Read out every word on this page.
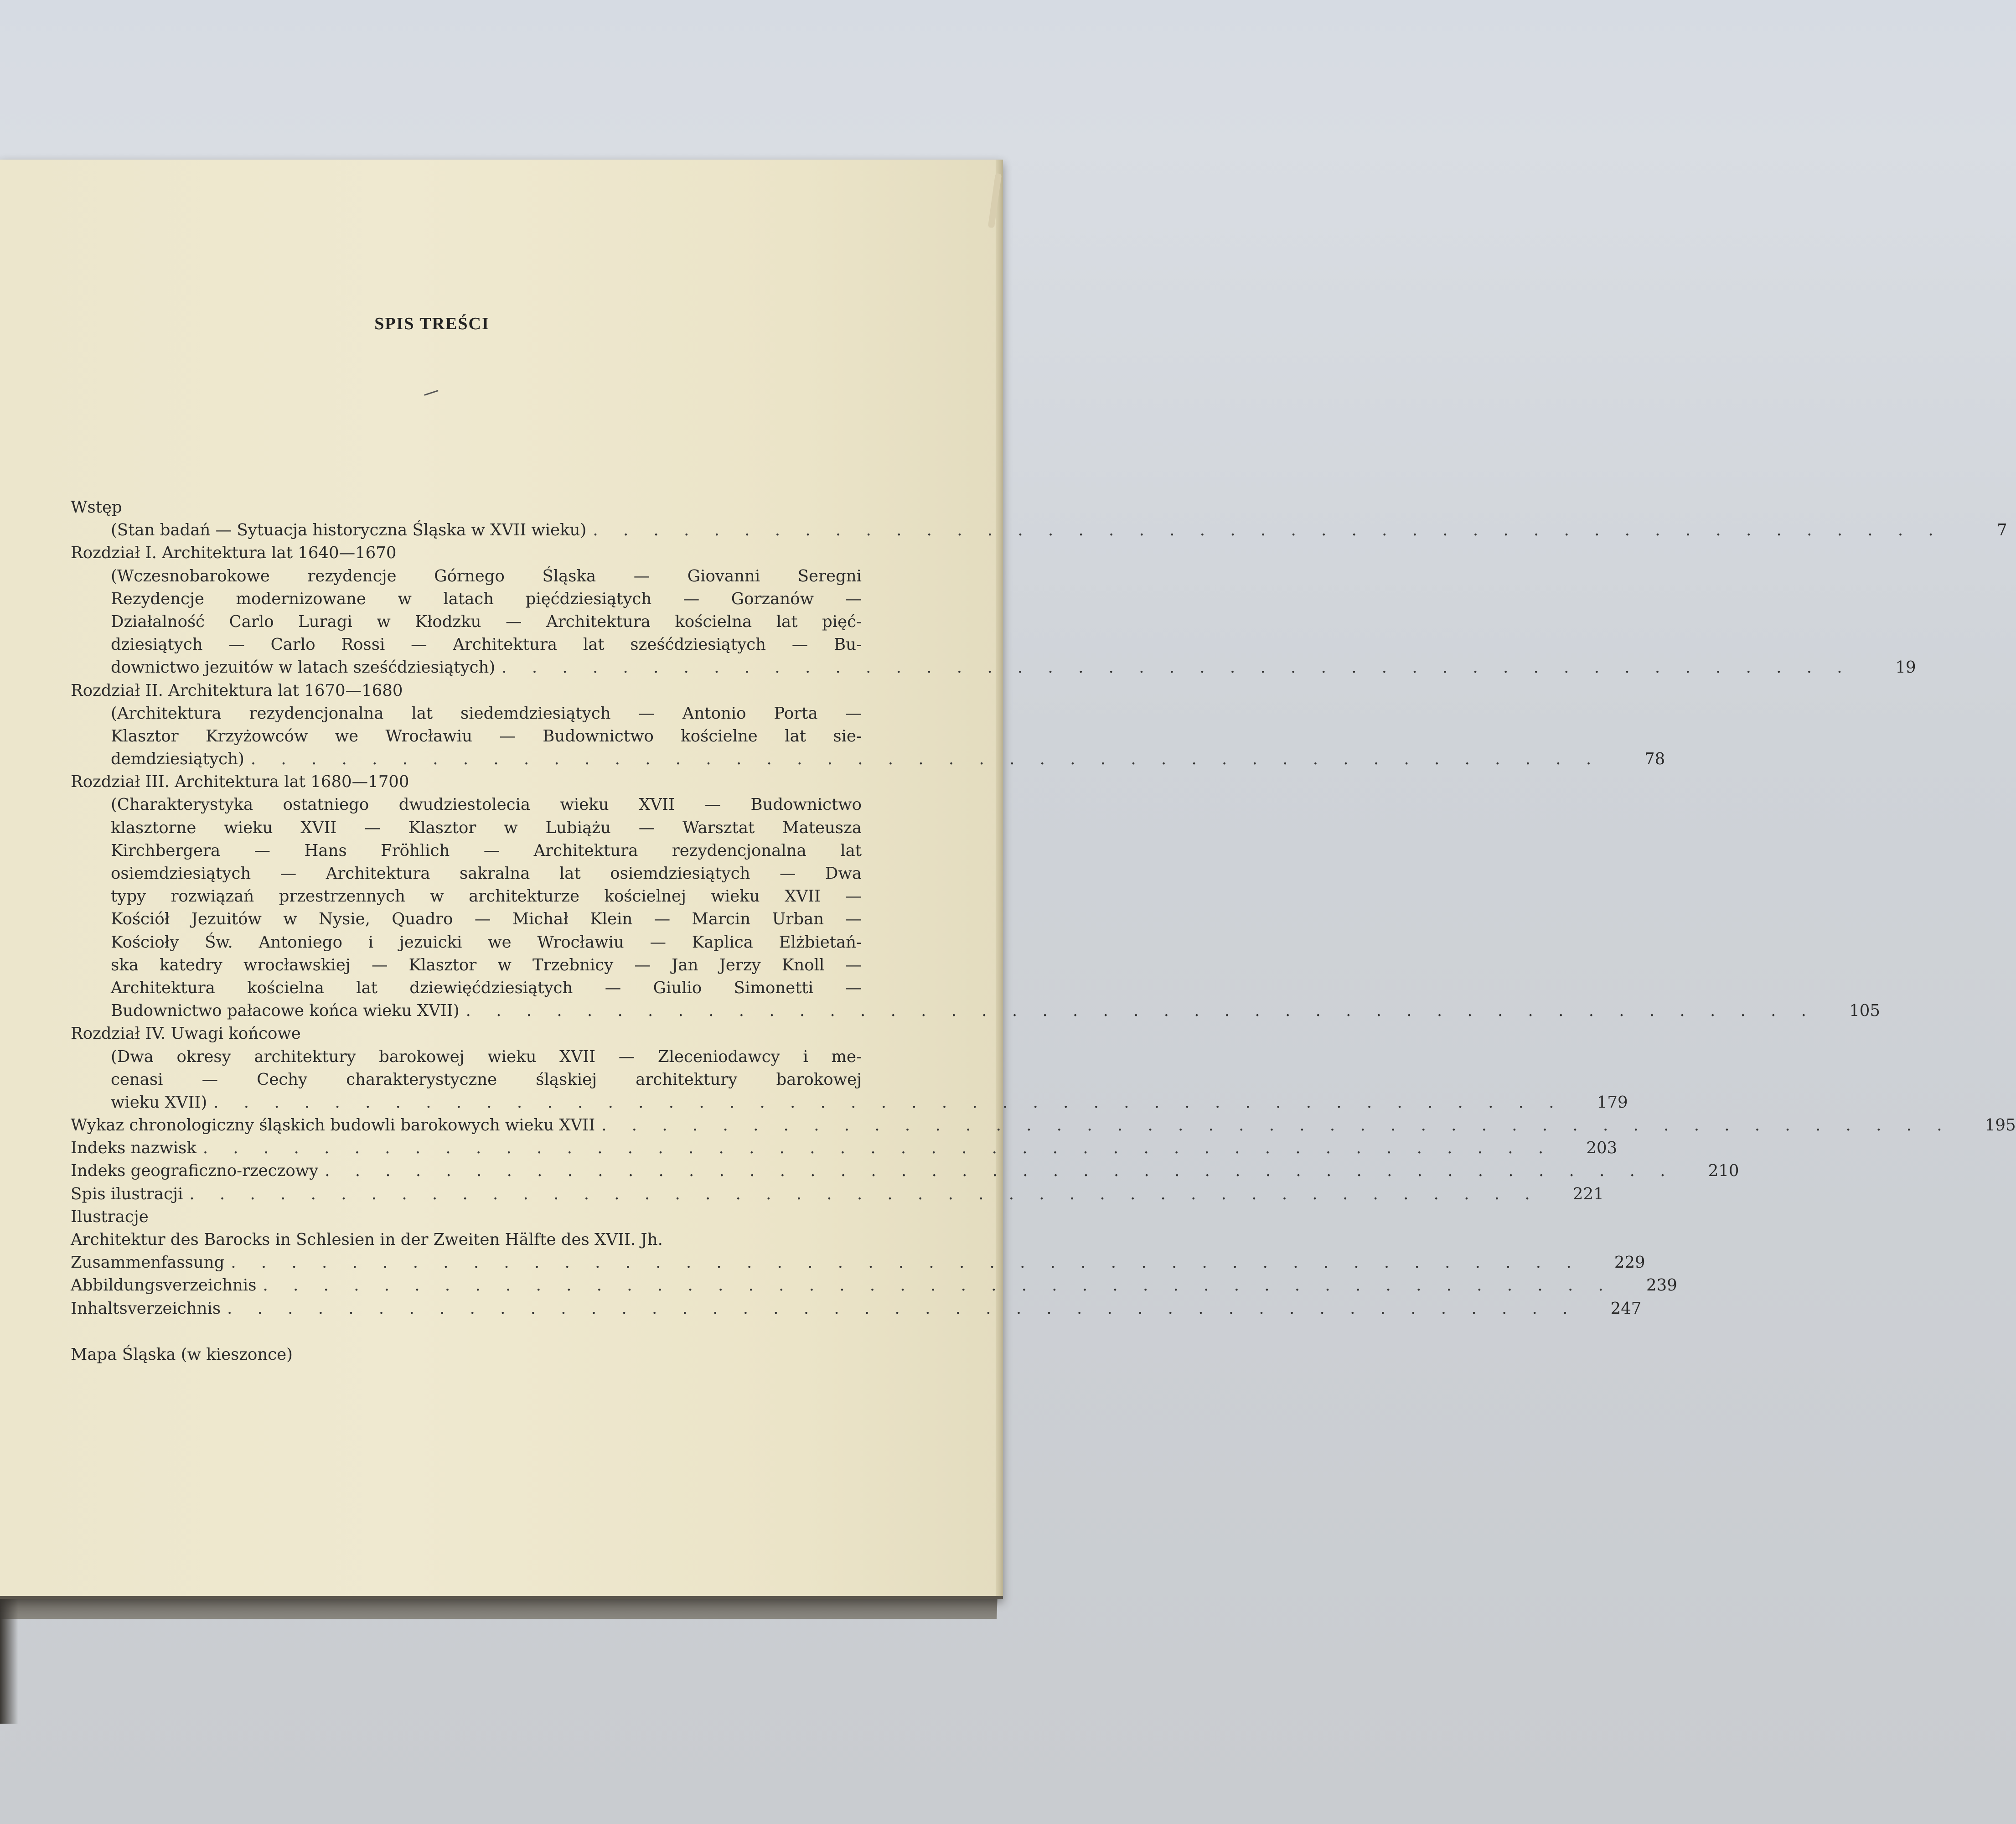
SPIS TREŚCI
Wstęp
(Stan badań — Sytuacja historyczna Śląska w XVII wieku) . . . . . . . . . . . . . . . . . . . . . . . . . . . . . . . . . . . . . . . . . . . . .	7
Rozdział I. Architektura lat 1640—1670
(Wczesnobarokowe rezydencje Górnego Śląska — Giovanni Seregni
Rezydencje modernizowane w latach pięćdziesiątych — Gorzanów —
Działalność Carlo Luragi w Kłodzku — Architektura kościelna lat pięć-
dziesiątych — Carlo Rossi — Architektura lat sześćdziesiątych — Bu-
downictwo jezuitów w latach sześćdziesiątych) . . . . . . . . . . . . . . . . . . . . . . . . . . . . . . . . . . . . . . . . . . . . .	19
Rozdział II. Architektura lat 1670—1680
(Architektura rezydencjonalna lat siedemdziesiątych — Antonio Porta —
Klasztor Krzyżowców we Wrocławiu — Budownictwo kościelne lat sie-
demdziesiątych) . . . . . . . . . . . . . . . . . . . . . . . . . . . . . . . . . . . . . . . . . . . . .	78
Rozdział III. Architektura lat 1680—1700
(Charakterystyka ostatniego dwudziestolecia wieku XVII — Budownictwo
klasztorne wieku XVII — Klasztor w Lubiążu — Warsztat Mateusza
Kirchbergera — Hans Fröhlich — Architektura rezydencjonalna lat
osiemdziesiątych — Architektura sakralna lat osiemdziesiątych — Dwa
typy rozwiązań przestrzennych w architekturze kościelnej wieku XVII —
Kościół Jezuitów w Nysie, Quadro — Michał Klein — Marcin Urban —
Kościoły Św. Antoniego i jezuicki we Wrocławiu — Kaplica Elżbietań-
ska katedry wrocławskiej — Klasztor w Trzebnicy — Jan Jerzy Knoll —
Architektura kościelna lat dziewięćdziesiątych — Giulio Simonetti —
Budownictwo pałacowe końca wieku XVII) . . . . . . . . . . . . . . . . . . . . . . . . . . . . . . . . . . . . . . . . . . . . . 105
Rozdział IV. Uwagi końcowe
(Dwa okresy architektury barokowej wieku XVII — Zleceniodawcy i me-
cenasi — Cechy charakterystyczne śląskiej architektury barokowej
wieku XVII) . . . . . . . . . . . . . . . . . . . . . . . . . . . . . . . . . . . . . . . . . . . . . 179
Wykaz chronologiczny śląskich budowli barokowych wieku XVII . . . . . . . . . . . . . . . . . . . . . . . . . . . . . . . . . . . . . . . . . . . . . 195
Indeks nazwisk . . . . . . . . . . . . . . . . . . . . . . . . . . . . . . . . . . . . . . . . . . . . . 203
Indeks geograficzno-rzeczowy . . . . . . . . . . . . . . . . . . . . . . . . . . . . . . . . . . . . . . . . . . . . . 210
Spis ilustracji . . . . . . . . . . . . . . . . . . . . . . . . . . . . . . . . . . . . . . . . . . . . . 221
Ilustracje
Architektur des Barocks in Schlesien in der Zweiten Hälfte des XVII. Jh.
Zusammenfassung . . . . . . . . . . . . . . . . . . . . . . . . . . . . . . . . . . . . . . . . . . . . . 229
Abbildungsverzeichnis . . . . . . . . . . . . . . . . . . . . . . . . . . . . . . . . . . . . . . . . . . . . . 239
Inhaltsverzeichnis . . . . . . . . . . . . . . . . . . . . . . . . . . . . . . . . . . . . . . . . . . . . . 247
Mapa Śląska (w kieszonce)
